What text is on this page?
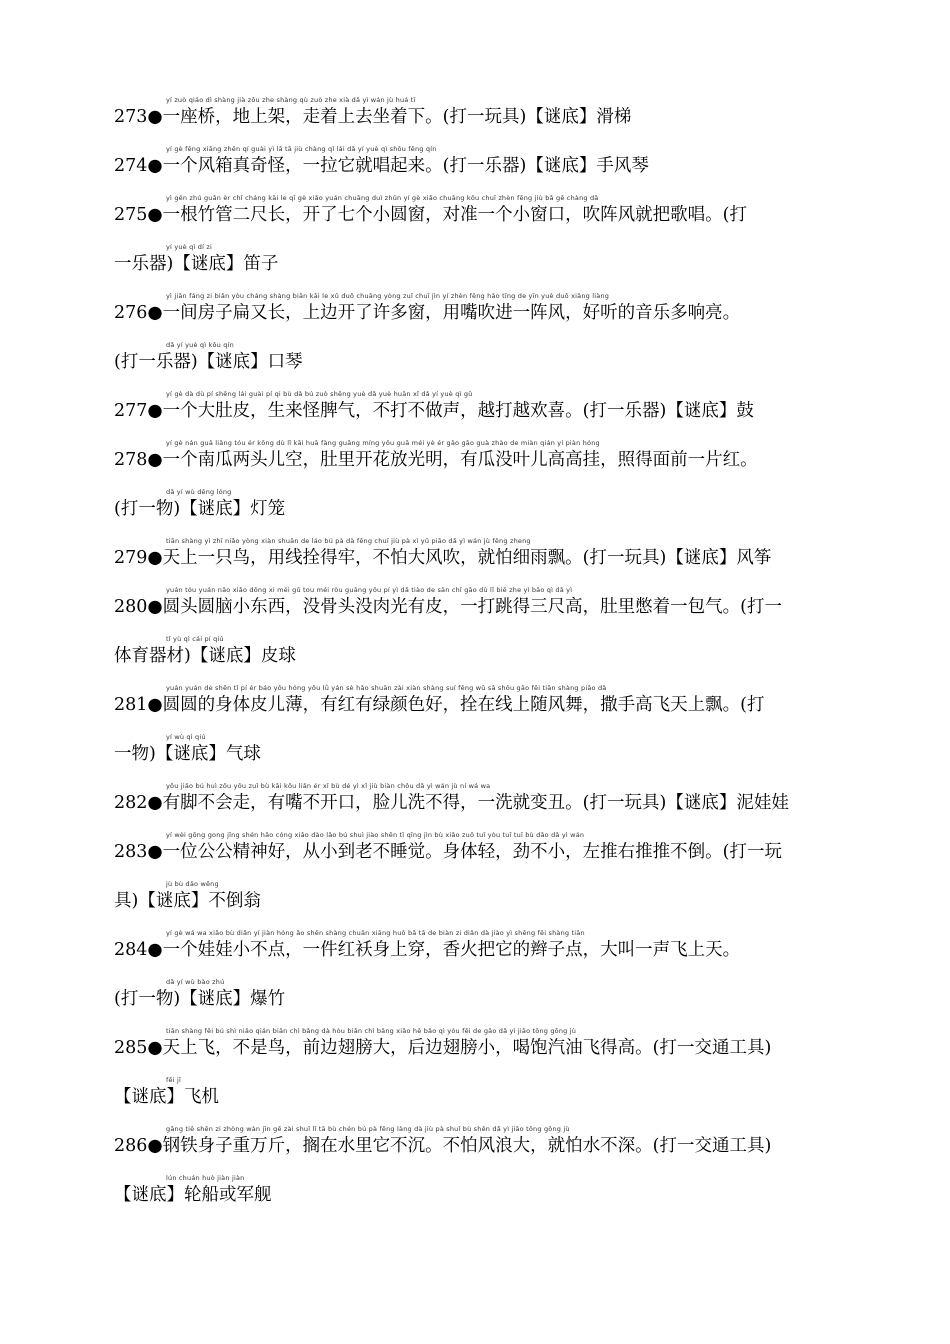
yí zuò qiáo dì shàng jià zǒu zhe shàng qù zuò zhe xià dǎ yì wán jù huá tī
273●一座桥，地上架，走着上去坐着下。(打一玩具)【谜底】滑梯
yí gè fēng xiāng zhēn qí guài yì lā tā jiù chàng qǐ lái dǎ yí yuè qì shǒu fēng qín
274●一个风箱真奇怪，一拉它就唱起来。(打一乐器)【谜底】手风琴
yì gēn zhú guǎn èr chǐ cháng kāi le qī gè xiǎo yuán chuāng duì zhǔn yí gè xiǎo chuāng kǒu chuī zhèn fēng jiù bǎ gē chàng dǎ
275●一根竹管二尺长，开了七个小圆窗，对准一个小窗口，吹阵风就把歌唱。(打
yí yuè qì dí zi
一乐器)【谜底】笛子
yì jiān fáng zi biǎn yòu cháng shàng biān kāi le xǔ duō chuāng yòng zuǐ chuī jìn yí zhèn fēng hǎo tīng de yīn yuè duō xiǎng liàng
276●一间房子扁又长，上边开了许多窗，用嘴吹进一阵风，好听的音乐多响亮。
dǎ yí yuè qì kǒu qín
(打一乐器)【谜底】口琴
yí gè dà dù pí shēng lái guài pí qi bù dǎ bú zuò shēng yuè dǎ yuè huān xǐ dǎ yí yuè qì gǔ
277●一个大肚皮，生来怪脾气，不打不做声，越打越欢喜。(打一乐器)【谜底】鼓
yí gè nán guā liǎng tóu ér kōng dù lǐ kāi huā fàng guāng míng yǒu guā méi yè ér gāo gāo guà zhào de miàn qián yí piàn hóng
278●一个南瓜两头儿空，肚里开花放光明，有瓜没叶儿高高挂，照得面前一片红。
dǎ yí wù dēng lóng
(打一物)【谜底】灯笼
tiān shàng yì zhī niǎo yòng xiàn shuān de láo bú pà dà fēng chuī jiù pà xì yǔ piāo dǎ yì wán jù fēng zheng
279●天上一只鸟，用线拴得牢，不怕大风吹，就怕细雨飘。(打一玩具)【谜底】风筝
yuán tóu yuán nǎo xiǎo dōng xi méi gǔ tou méi ròu guāng yǒu pí yì dǎ tiào de sān chǐ gāo dù lǐ biē zhe yì bāo qì dǎ yì
280●圆头圆脑小东西，没骨头没肉光有皮，一打跳得三尺高，肚里憋着一包气。(打一
tǐ yù qì cái pí qiú
体育器材)【谜底】皮球
yuán yuán de shēn tǐ pí ér báo yǒu hóng yǒu lǜ yán sè hǎo shuān zài xiàn shàng suí fēng wǔ sā shǒu gāo fēi tiān shàng piāo dǎ
281●圆圆的身体皮儿薄，有红有绿颜色好，拴在线上随风舞，撒手高飞天上飘。(打
yí wù qì qiú
一物)【谜底】气球
yǒu jiǎo bú huì zǒu yǒu zuǐ bù kāi kǒu liǎn ér xǐ bù dé yì xǐ jiù biàn chǒu dǎ yì wán jù ní wá wa
282●有脚不会走，有嘴不开口，脸儿洗不得，一洗就变丑。(打一玩具)【谜底】泥娃娃
yí wèi gōng gong jīng shén hǎo cóng xiǎo dào lǎo bú shuì jiào shēn tǐ qīng jìn bù xiǎo zuǒ tuī yòu tuī tuī bù dǎo dǎ yì wán
283●一位公公精神好，从小到老不睡觉。身体轻，劲不小，左推右推推不倒。(打一玩
jù bù dǎo wēng
具)【谜底】不倒翁
yí gè wá wa xiǎo bù diǎn yí jiàn hóng ǎo shēn shàng chuān xiāng huǒ bǎ tā de biàn zi diǎn dà jiào yì shēng fēi shàng tiān
284●一个娃娃小不点，一件红袄身上穿，香火把它的辫子点，大叫一声飞上天。
dǎ yí wù bào zhú
(打一物)【谜底】爆竹
tiān shàng fēi bú shì niǎo qián biān chì bǎng dà hòu biān chì bǎng xiǎo hē bǎo qì yóu fēi de gāo dǎ yì jiāo tōng gōng jù
285●天上飞，不是鸟，前边翅膀大，后边翅膀小，喝饱汽油飞得高。(打一交通工具)
fēi jī
【谜底】飞机
gāng tiě shēn zi zhòng wàn jīn gē zài shuǐ lǐ tā bù chén bú pà fēng làng dà jiù pà shuǐ bù shēn dǎ yì jiāo tōng gōng jù
286●钢铁身子重万斤，搁在水里它不沉。不怕风浪大，就怕水不深。(打一交通工具)
lún chuán huò jiàn jiàn
【谜底】轮船或军舰
